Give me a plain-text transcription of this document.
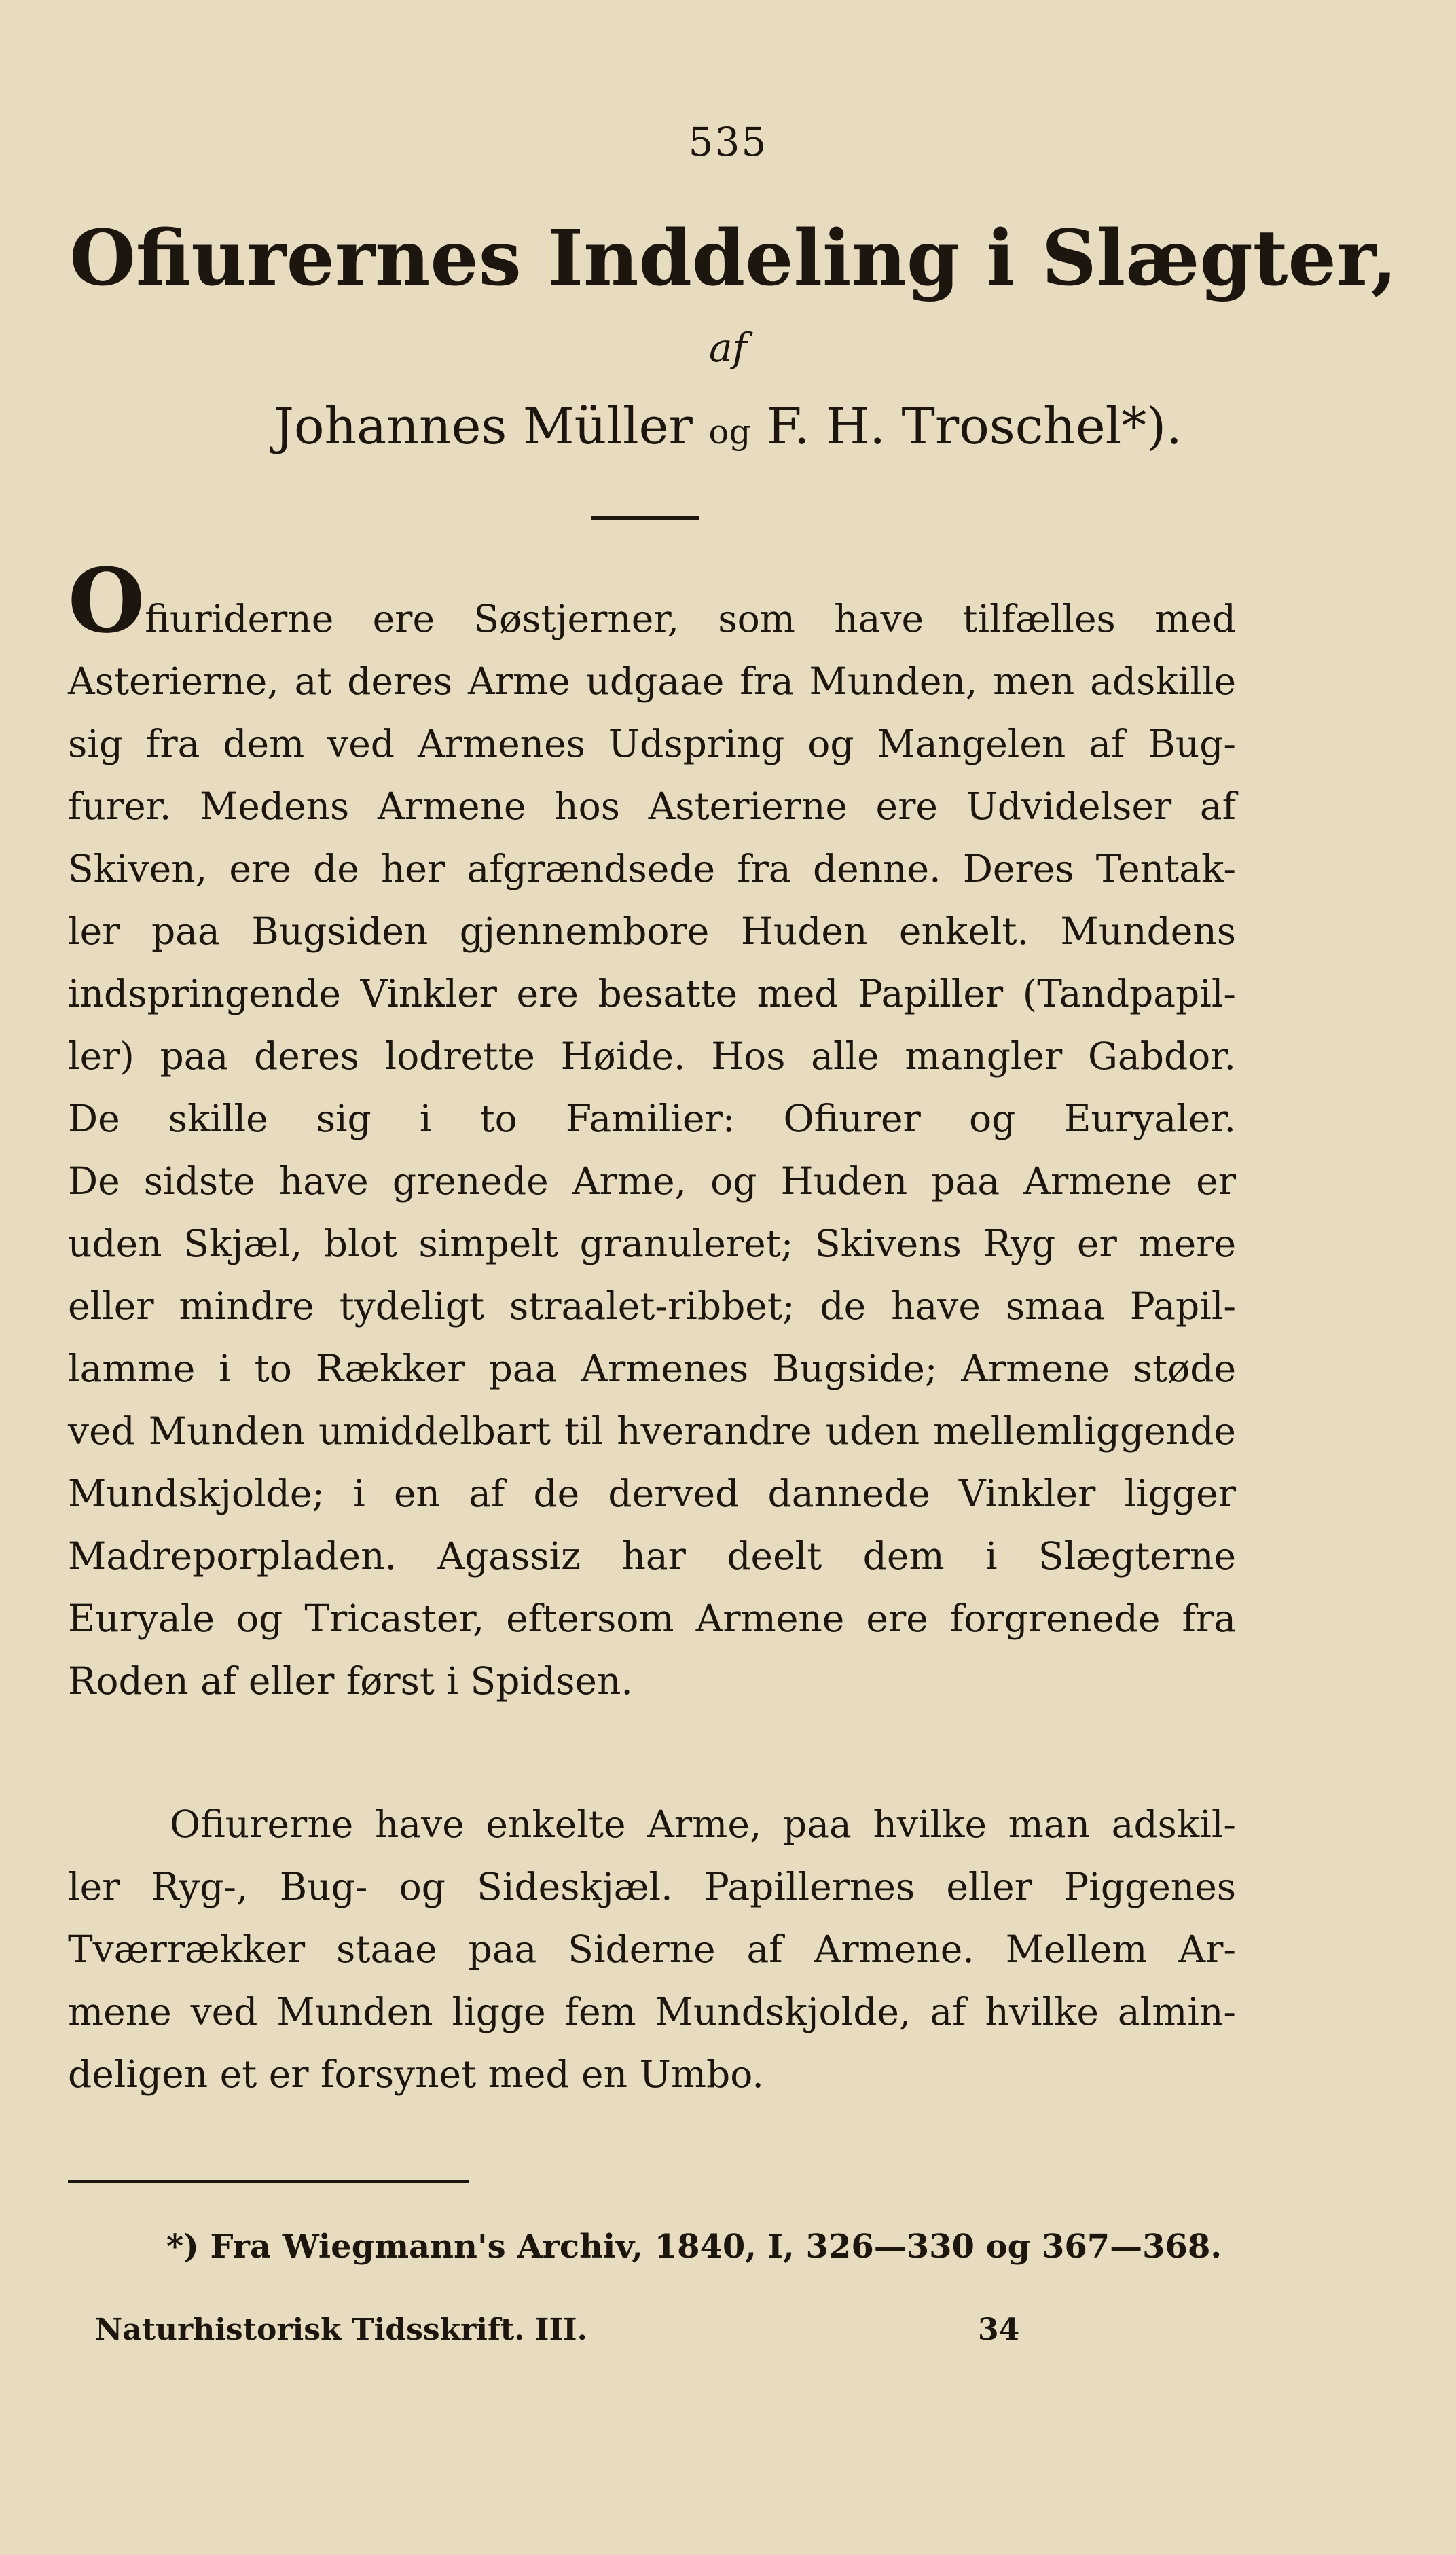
535
Ofiurernes Inddeling i Slægter,
af
Johannes Müller og F. H. Troschel*).
Ofiuriderne ere Søstjerner, som have tilfælles med
Asterierne, at deres Arme udgaae fra Munden, men adskille
sig fra dem ved Armenes Udspring og Mangelen af Bug-
furer. Medens Armene hos Asterierne ere Udvidelser af
Skiven, ere de her afgrændsede fra denne. Deres Tentak-
ler paa Bugsiden gjennembore Huden enkelt. Mundens
indspringende Vinkler ere besatte med Papiller (Tandpapil-
ler) paa deres lodrette Høide. Hos alle mangler Gabdor.
De skille sig i to Familier: Ofiurer og Euryaler.
De sidste have grenede Arme, og Huden paa Armene er
uden Skjæl, blot simpelt granuleret; Skivens Ryg er mere
eller mindre tydeligt straalet-ribbet; de have smaa Papil-
lamme i to Rækker paa Armenes Bugside; Armene støde
ved Munden umiddelbart til hverandre uden mellemliggende
Mundskjolde; i en af de derved dannede Vinkler ligger
Madreporpladen. Agassiz har deelt dem i Slægterne
Euryale og Tricaster, eftersom Armene ere forgrenede fra
Roden af eller først i Spidsen.
Ofiurerne have enkelte Arme, paa hvilke man adskil-
ler Ryg-, Bug- og Sideskjæl. Papillernes eller Piggenes
Tværrækker staae paa Siderne af Armene. Mellem Ar-
mene ved Munden ligge fem Mundskjolde, af hvilke almin-
deligen et er forsynet med en Umbo.
*) Fra Wiegmann's Archiv, 1840, I, 326—330 og 367—368.
Naturhistorisk Tidsskrift. III.	34
